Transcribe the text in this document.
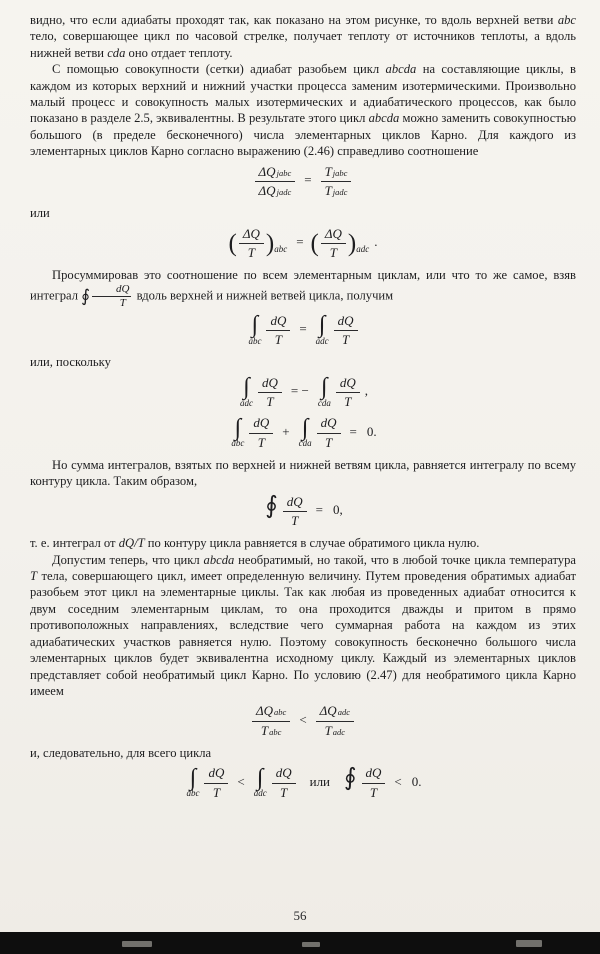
видно, что если адиабаты проходят так, как показано на этом рисунке, то вдоль верхней ветви abc тело, совершающее цикл по часовой стрелке, получает теплоту от источников теплоты, а вдоль нижней ветви cda оно отдает теплоту.

С помощью совокупности (сетки) адиабат разобьем цикл abcda на составляющие циклы, в каждом из которых верхний и нижний участки процесса заменим изотермическими. Произвольно малый процесс и совокупность малых изотермических и адиабатического процессов, как было показано в разделе 2.5, эквивалентны. В результате этого цикл abcda можно заменить совокупностью большого (в пределе бесконечного) числа элементарных циклов Карно. Для каждого из элементарных циклов Карно согласно выражению (2.46) справедливо соотношение

$\frac{\text{ΔQjabc}}{\text{ΔQjadc}} = \frac{\text{Tjabc}}{\text{Tjadc}}$

или

( $\frac{\Delta Q}{T} )_{abc}$ = ( $\frac{\Delta Q}{T} )_{adc}$ .

Просуммировав это соотношение по всем элементарным циклам, или что то же самое, взяв интеграл ∮ $\frac{dQ}{T}$ вдоль верхней и нижней ветвей цикла, получим

∫
abc $\frac{dQ}{T}$ = ∫
adc $\frac{dQ}{T}$

или, поскольку

∫
adc $\frac{dQ}{T}$ = − ∫
cda $\frac{dQ}{T}$ ,
∫
abc $\frac{dQ}{T}$ + ∫
cda $\frac{dQ}{T} = 0$.

Но сумма интегралов, взятых по верхней и нижней ветвям цикла, равняется интегралу по всему контуру цикла. Таким образом,

∮
$\frac{dQ}{T} = 0$,

т. е. интеграл от dQ/T по контуру цикла равняется в случае обратимого цикла нулю.

Допустим теперь, что цикл abcda необратимый, но такой, что в любой точке цикла температура T тела, совершающего цикл, имеет определенную величину. Путем проведения обратимых адиабат разобьем этот цикл на элементарные циклы. Так как любая из проведенных адиабат относится к двум соседним элементарным циклам, то она проходится дважды и притом в прямо противоположных направлениях, вследствие чего суммарная работа на каждом из этих адиабатических участков равняется нулю. Поэтому совокупность бесконечно большого числа элементарных циклов будет эквивалентна исходному циклу. Каждый из элементарных циклов представляет собой необратимый цикл Карно. По условию (2.47) для необратимого цикла Карно имеем

$\frac{\text{ΔQabc}}{\text{Tabc}} < \frac{\text{ΔQadc}}{\text{Tadc}}$

и, следовательно, для всего цикла

∫
abc $\frac{dQ}{T}$ < ∫
adc $\frac{dQ}{T}$ или ∮
$\frac{dQ}{T} < 0$.
56
